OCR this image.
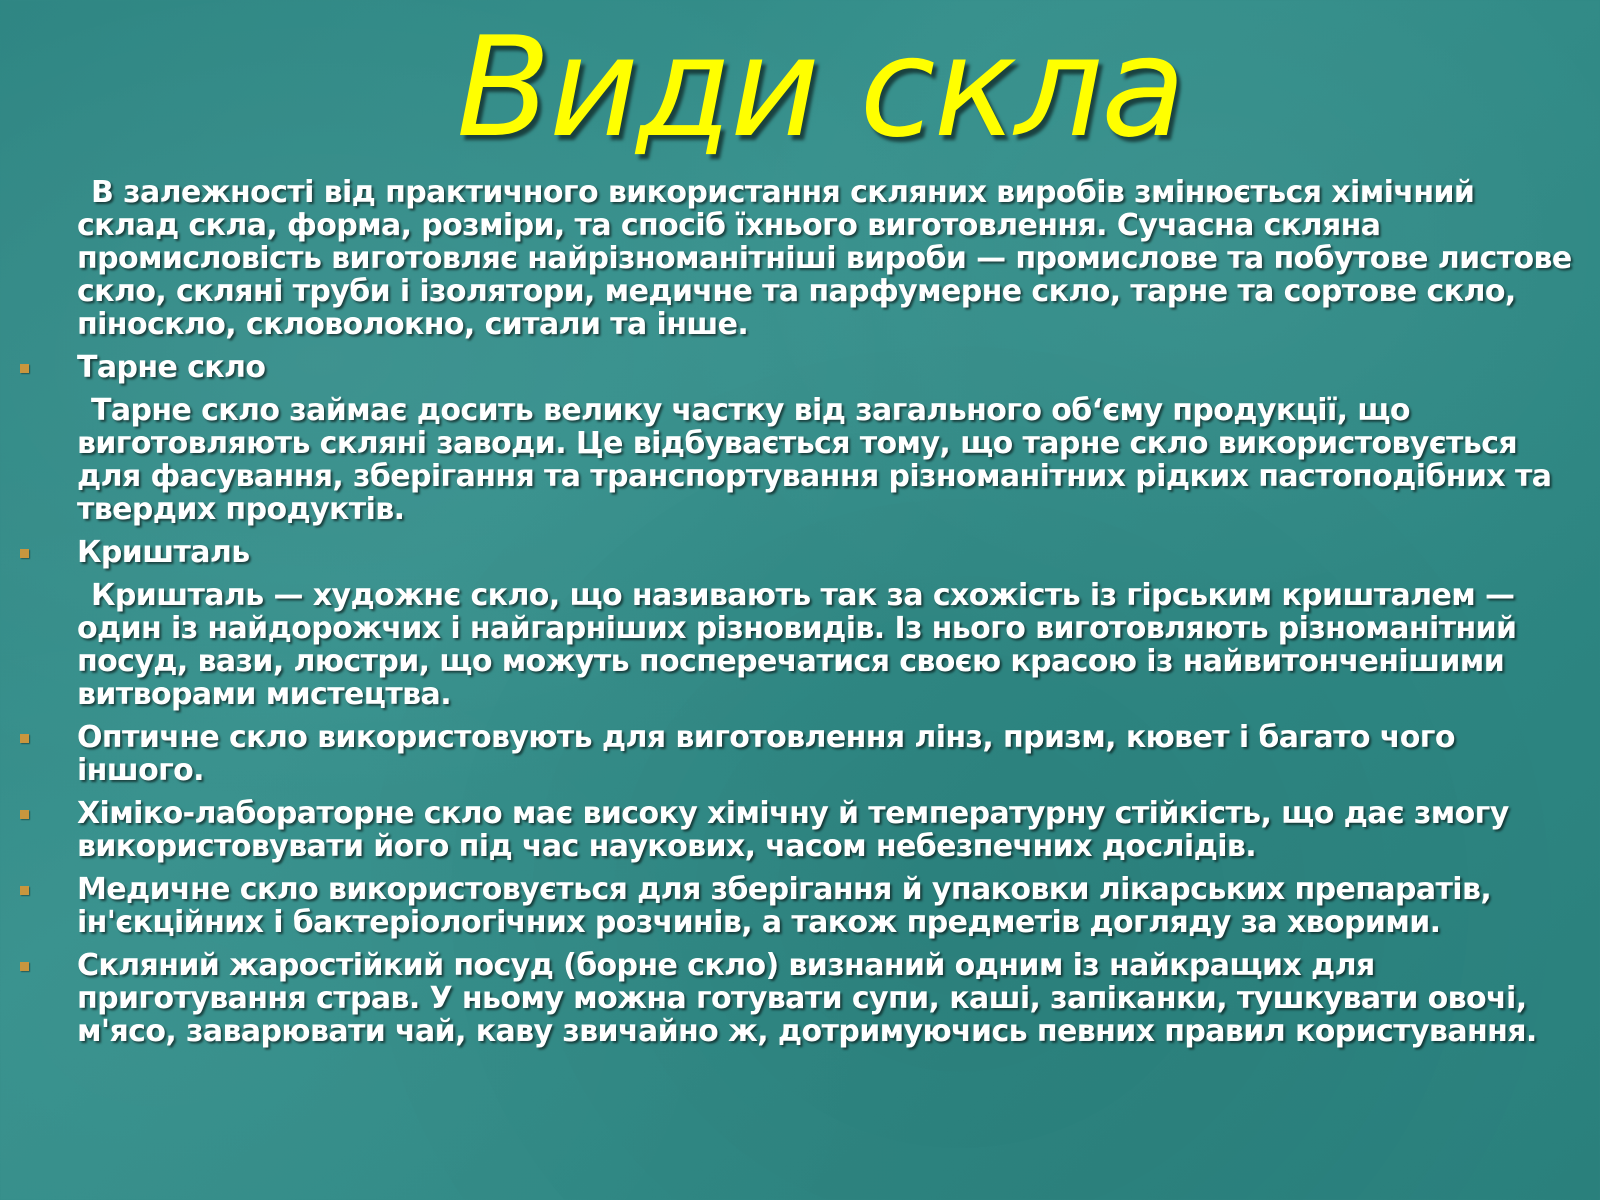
Види скла

В залежності від практичного використання скляних виробів змінюється хімічний склад скла, форма, розміри, та спосіб їхнього виготовлення. Сучасна скляна промисловість виготовляє найрізноманітніші вироби — промислове та побутове листове скло, скляні труби і ізолятори, медичне та парфумерне скло, тарне та сортове скло, піноскло, скловолокно, ситали та інше.

Тарне скло

Тарне скло займає досить велику частку від загального об‘єму продукції, що виготовляють скляні заводи. Це відбувається тому, що тарне скло використовується для фасування, зберігання та транспортування різноманітних рідких пастоподібних та твердих продуктів.

Кришталь

Кришталь — художнє скло, що називають так за схожість із гірським кришталем — один із найдорожчих і найгарніших різновидів. Із нього виготовляють різноманітний посуд, вази, люстри, що можуть посперечатися своєю красою із найвитонченішими витворами мистецтва.

Оптичне скло використовують для виготовлення лінз, призм, кювет і багато чого іншого.
Хіміко-лабораторне скло має високу хімічну й температурну стійкість, що дає змогу використовувати його під час наукових, часом небезпечних дослідів.
Медичне скло використовується для зберігання й упаковки лікарських препаратів, ін'єкційних і бактеріологічних розчинів, а також предметів догляду за хворими.
Скляний жаростійкий посуд (борне скло) визнаний одним із найкращих для приготування страв. У ньому можна готувати супи, каші, запіканки, тушкувати овочі, м'ясо, заварювати чай, каву звичайно ж, дотримуючись певних правил користування.
